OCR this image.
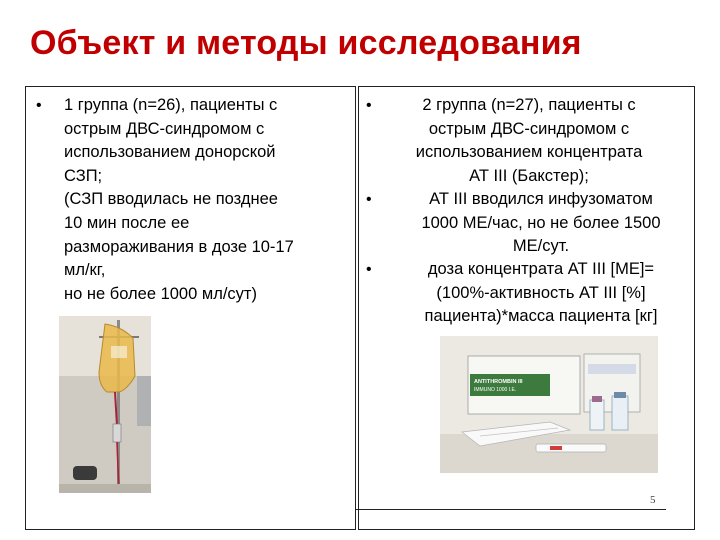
Объект и методы исследования
• 1 группа (n=26), пациенты с
острым ДВС-синдромом с
использованием донорской
СЗП;
(СЗП вводилась не позднее
10 мин после ее
размораживания в дозе 10-17
мл/кг,
но не более 1000 мл/сут)
•	2 группа (n=27), пациенты с
острым ДВС-синдромом с
использованием концентрата
АТ III (Бакстер);
•	АТ III вводился инфузоматом
1000 МЕ/час, но не более 1500
МЕ/сут.
•	доза концентрата АТ III [МЕ]=
(100%-активность АТ III [%]
пациента)*масса пациента [кг]
ANTITHROMBIN III
IMMUNO 1000 I.E.
5
